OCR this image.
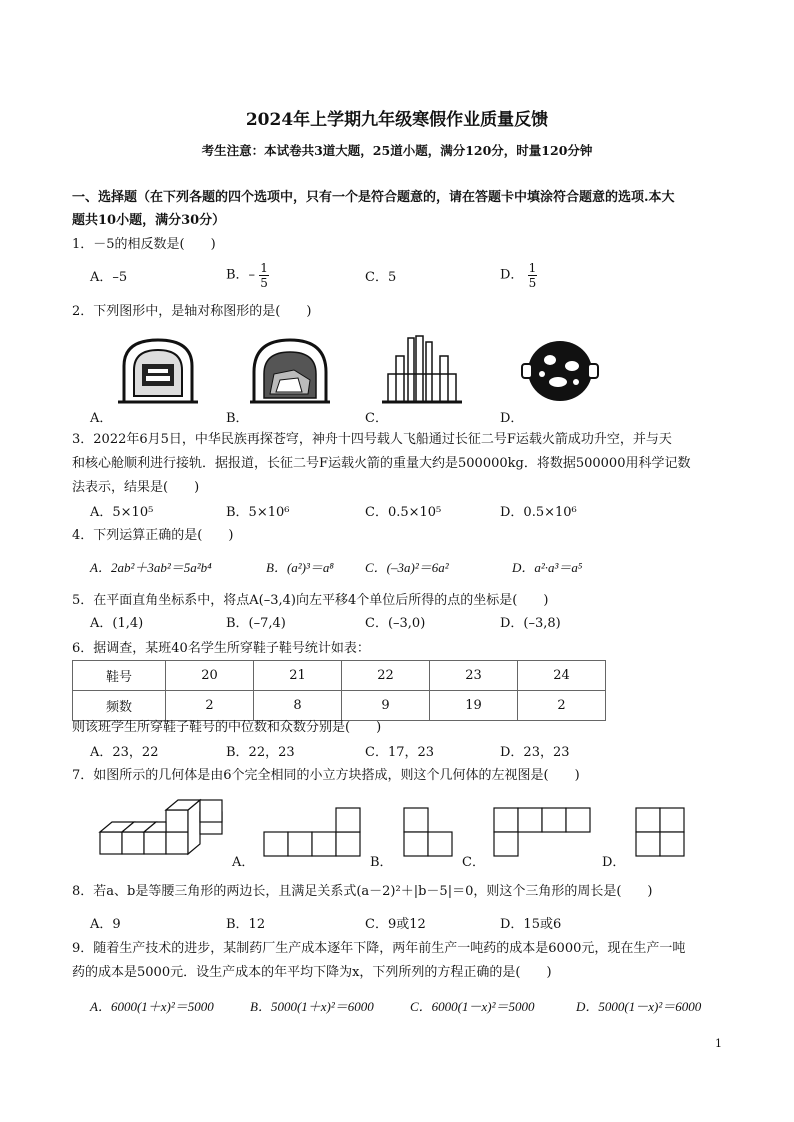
2024年上学期九年级寒假作业质量反馈
考生注意：本试卷共3道大题，25道小题，满分120分，时量120分钟
一、选择题（在下列各题的四个选项中，只有一个是符合题意的，请在答题卡中填涂符合题意的选项.本大
题共10小题，满分30分）
1．－5的相反数是(　　)
A．–5	B．– $\frac{1}{5}$	C．5	D． $\frac{1}{5}$
2．下列图形中，是轴对称图形的是(　　)
A．	B．	C．	D．
3．2022年6月5日，中华民族再探苍穹，神舟十四号载人飞船通过长征二号F运载火箭成功升空，并与天
和核心舱顺利进行接轨．据报道，长征二号F运载火箭的重量大约是500000kg．将数据500000用科学记数
法表示，结果是(　　)
A．5×10⁵	B．5×10⁶	C．0.5×10⁵	D．0.5×10⁶
4．下列运算正确的是(　　)
A．2ab²＋3ab²＝5a²b⁴	B．(a²)³＝a⁸ C．(–3a)²＝6a²	D．a²·a³＝a⁵
5．在平面直角坐标系中，将点A(–3,4)向左平移4个单位后所得的点的坐标是(　　)
A．(1,4)	B．(–7,4)	C．(–3,0)	D．(–3,8)
6．据调查，某班40名学生所穿鞋子鞋号统计如表：
鞋号	20	21	22	23	24
频数	2	8	9	19	2
则该班学生所穿鞋子鞋号的中位数和众数分别是(　　)
A．23，22	B．22，23	C．17，23	D．23，23
7．如图所示的几何体是由6个完全相同的小立方块搭成，则这个几何体的左视图是(　　)
A．	B．	C．	D．
8．若a、b是等腰三角形的两边长，且满足关系式(a－2)²＋|b－5|＝0，则这个三角形的周长是(　　)
A．9	B．12	C．9或12	D．15或6
9．随着生产技术的进步，某制药厂生产成本逐年下降，两年前生产一吨药的成本是6000元，现在生产一吨
药的成本是5000元．设生产成本的年平均下降为x，下列所列的方程正确的是(　　)
A．6000(1＋x)²＝5000	B．5000(1＋x)²＝6000	C．6000(1－x)²＝5000	D．5000(1－x)²＝6000
1
